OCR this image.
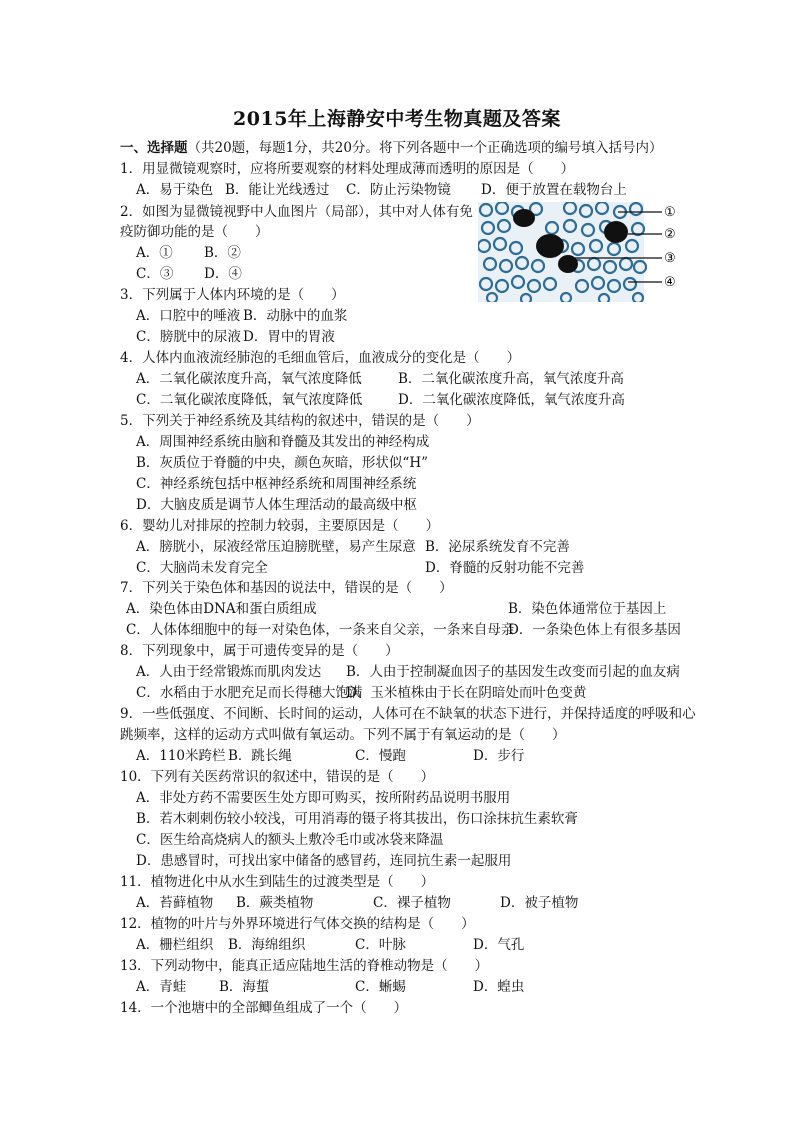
2015年上海静安中考生物真题及答案
一、选择题（共20题，每题1分，共20分。将下列各题中一个正确选项的编号填入括号内）
1．用显微镜观察时，应将所要观察的材料处理成薄而透明的原因是（　　）
A．易于染色 B．能让光线透过 C．防止污染物镜 D．便于放置在载物台上
2．如图为显微镜视野中人血图片（局部），其中对人体有免
疫防御功能的是（　　）
A．① B．②
C．③ D．④
①
②
③
④
3．下列属于人体内环境的是（　　）
A．口腔中的唾液 B．动脉中的血浆
C．膀胱中的尿液 D．胃中的胃液
4．人体内血液流经肺泡的毛细血管后，血液成分的变化是（　　）
A．二氧化碳浓度升高，氧气浓度降低	B．二氧化碳浓度升高，氧气浓度升高
C．二氧化碳浓度降低，氧气浓度降低	D．二氧化碳浓度降低，氧气浓度升高
5．下列关于神经系统及其结构的叙述中，错误的是（　　）
A．周围神经系统由脑和脊髓及其发出的神经构成
B．灰质位于脊髓的中央，颜色灰暗，形状似“H”
C．神经系统包括中枢神经系统和周围神经系统
D．大脑皮质是调节人体生理活动的最高级中枢
6．婴幼儿对排尿的控制力较弱，主要原因是（　　）
A．膀胱小，尿液经常压迫膀胱壁，易产生尿意 B．泌尿系统发育不完善
C．大脑尚未发育完全	D．脊髓的反射功能不完善
7．下列关于染色体和基因的说法中，错误的是（　　）
A．染色体由DNA和蛋白质组成	B．染色体通常位于基因上
C．人体体细胞中的每一对染色体，一条来自父亲，一条来自母亲
D．一条染色体上有很多基因
8．下列现象中，属于可遗传变异的是（　　）
A．人由于经常锻炼而肌肉发达 B．人由于控制凝血因子的基因发生改变而引起的血友病
C．水稻由于水肥充足而长得穗大饱满
D．玉米植株由于长在阴暗处而叶色变黄
9．一些低强度、不间断、长时间的运动，人体可在不缺氧的状态下进行，并保持适度的呼吸和心
跳频率，这样的运动方式叫做有氧运动。下列不属于有氧运动的是（　　）
A．110米跨栏 B．跳长绳	C．慢跑	D．步行
10．下列有关医药常识的叙述中，错误的是（　　）
A．非处方药不需要医生处方即可购买，按所附药品说明书服用
B．若木刺刺伤较小较浅，可用消毒的镊子将其拔出，伤口涂抹抗生素软膏
C．医生给高烧病人的额头上敷冷毛巾或冰袋来降温
D．患感冒时，可找出家中储备的感冒药，连同抗生素一起服用
11．植物进化中从水生到陆生的过渡类型是（　　）
A．苔藓植物 B．蕨类植物	C．裸子植物	D．被子植物
12．植物的叶片与外界环境进行气体交换的结构是（　　）
A．栅栏组织 B．海绵组织	C．叶脉	D．气孔
13．下列动物中，能真正适应陆地生活的脊椎动物是（　　）
A．青蛙 B．海蜇	C．蜥蜴	D．蝗虫
14．一个池塘中的全部鲫鱼组成了一个（　　）
